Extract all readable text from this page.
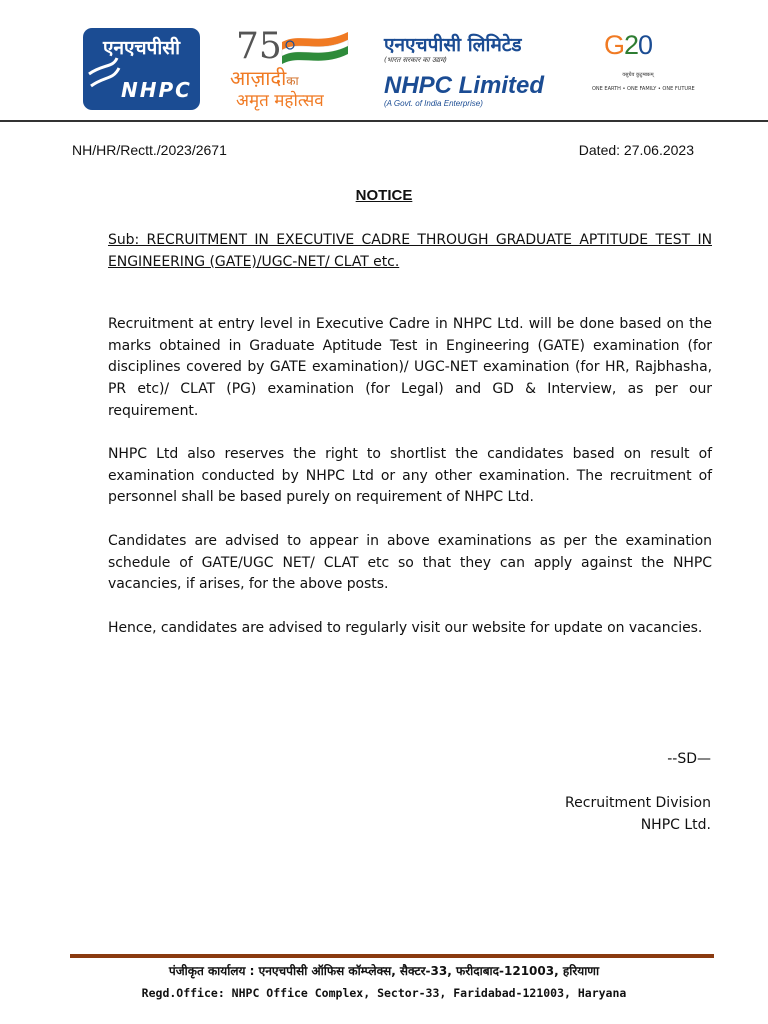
एनएचपीसी
NHPC
75
आज़ादीका
अमृत महोत्सव
एनएचपीसी लिमिटेड
(भारत सरकार का उद्यम)
NHPC Limited
(A Govt. of India Enterprise)
G20
वसुधैव कुटुम्बकम्
ONE EARTH • ONE FAMILY • ONE FUTURE
NH/HR/Rectt./2023/2671	Dated: 27.06.2023
NOTICE
Sub: RECRUITMENT IN EXECUTIVE CADRE THROUGH GRADUATE APTITUDE TEST IN ENGINEERING (GATE)/UGC-NET/ CLAT etc.
Recruitment at entry level in Executive Cadre in NHPC Ltd. will be done based on the marks obtained in Graduate Aptitude Test in Engineering (GATE) examination (for disciplines covered by GATE examination)/ UGC-NET examination (for HR, Rajbhasha, PR etc)/ CLAT (PG) examination (for Legal) and GD & Interview, as per our requirement.
NHPC Ltd also reserves the right to shortlist the candidates based on result of examination conducted by NHPC Ltd or any other examination. The recruitment of personnel shall be based purely on requirement of NHPC Ltd.
Candidates are advised to appear in above examinations as per the examination schedule of GATE/UGC NET/ CLAT etc so that they can apply against the NHPC vacancies, if arises, for the above posts.
Hence, candidates are advised to regularly visit our website for update on vacancies.
--SD—
Recruitment Division
NHPC Ltd.
पंजीकृत कार्यालय : एनएचपीसी ऑफिस कॉम्प्लेक्स, सैक्टर-33, फरीदाबाद-121003, हरियाणा
Regd.Office: NHPC Office Complex, Sector-33, Faridabad-121003, Haryana
